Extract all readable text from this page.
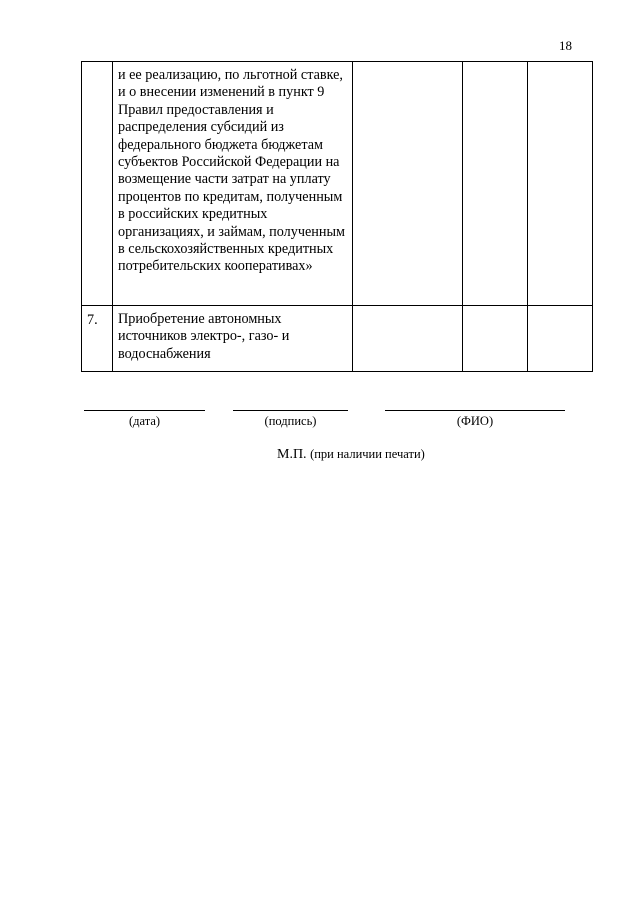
18
	и ее реализацию, по льготной ставке, и о внесении изменений в пункт 9 Правил предоставления и распределения субсидий из федерального бюджета бюджетам субъектов Российской Федерации на возмещение части затрат на уплату процентов по кредитам, полученным в российских кредитных организациях, и займам, полученным в сельскохозяйственных кредитных потребительских кооперативах»			
7.	Приобретение автономных источников электро-, газо- и водоснабжения			
(дата)	(подпись)	(ФИО)
М.П. (при наличии печати)
